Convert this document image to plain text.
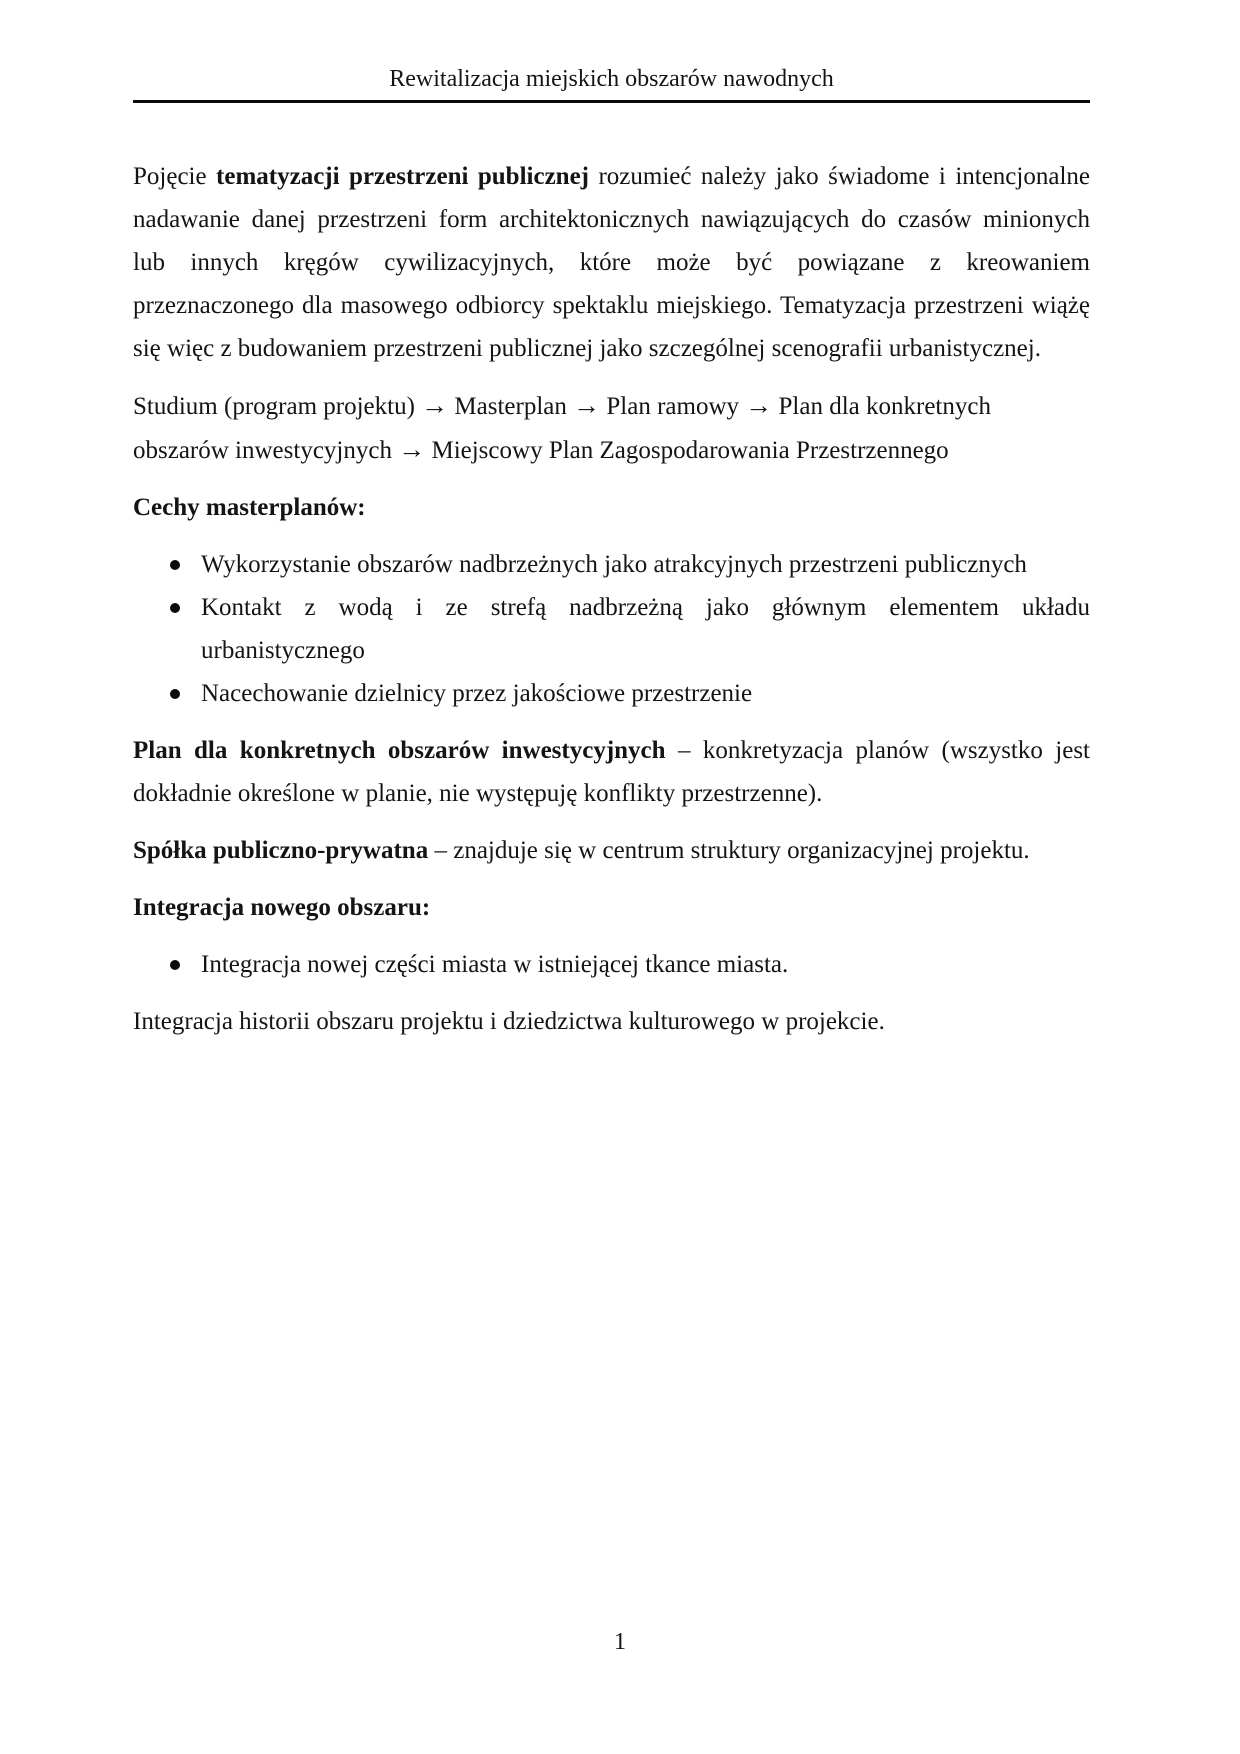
Rewitalizacja miejskich obszarów nawodnych

Pojęcie tematyzacji przestrzeni publicznej rozumieć należy jako świadome i intencjonalne
nadawanie danej przestrzeni form architektonicznych nawiązujących do czasów minionych
lub innych kręgów cywilizacyjnych, które może być powiązane z kreowaniem
przeznaczonego dla masowego odbiorcy spektaklu miejskiego. Tematyzacja przestrzeni wiążę
się więc z budowaniem przestrzeni publicznej jako szczególnej scenografii urbanistycznej.

Studium (program projektu) → Masterplan → Plan ramowy → Plan dla konkretnych
obszarów inwestycyjnych → Miejscowy Plan Zagospodarowania Przestrzennego

Cechy masterplanów:

Wykorzystanie obszarów nadbrzeżnych jako atrakcyjnych przestrzeni publicznych
Kontakt z wodą i ze strefą nadbrzeżną jako głównym elementem układu
urbanistycznego
Nacechowanie dzielnicy przez jakościowe przestrzenie

Plan dla konkretnych obszarów inwestycyjnych – konkretyzacja planów (wszystko jest
dokładnie określone w planie, nie występuję konflikty przestrzenne).

Spółka publiczno-prywatna – znajduje się w centrum struktury organizacyjnej projektu.

Integracja nowego obszaru:

Integracja nowej części miasta w istniejącej tkance miasta.

Integracja historii obszaru projektu i dziedzictwa kulturowego w projekcie.

1
